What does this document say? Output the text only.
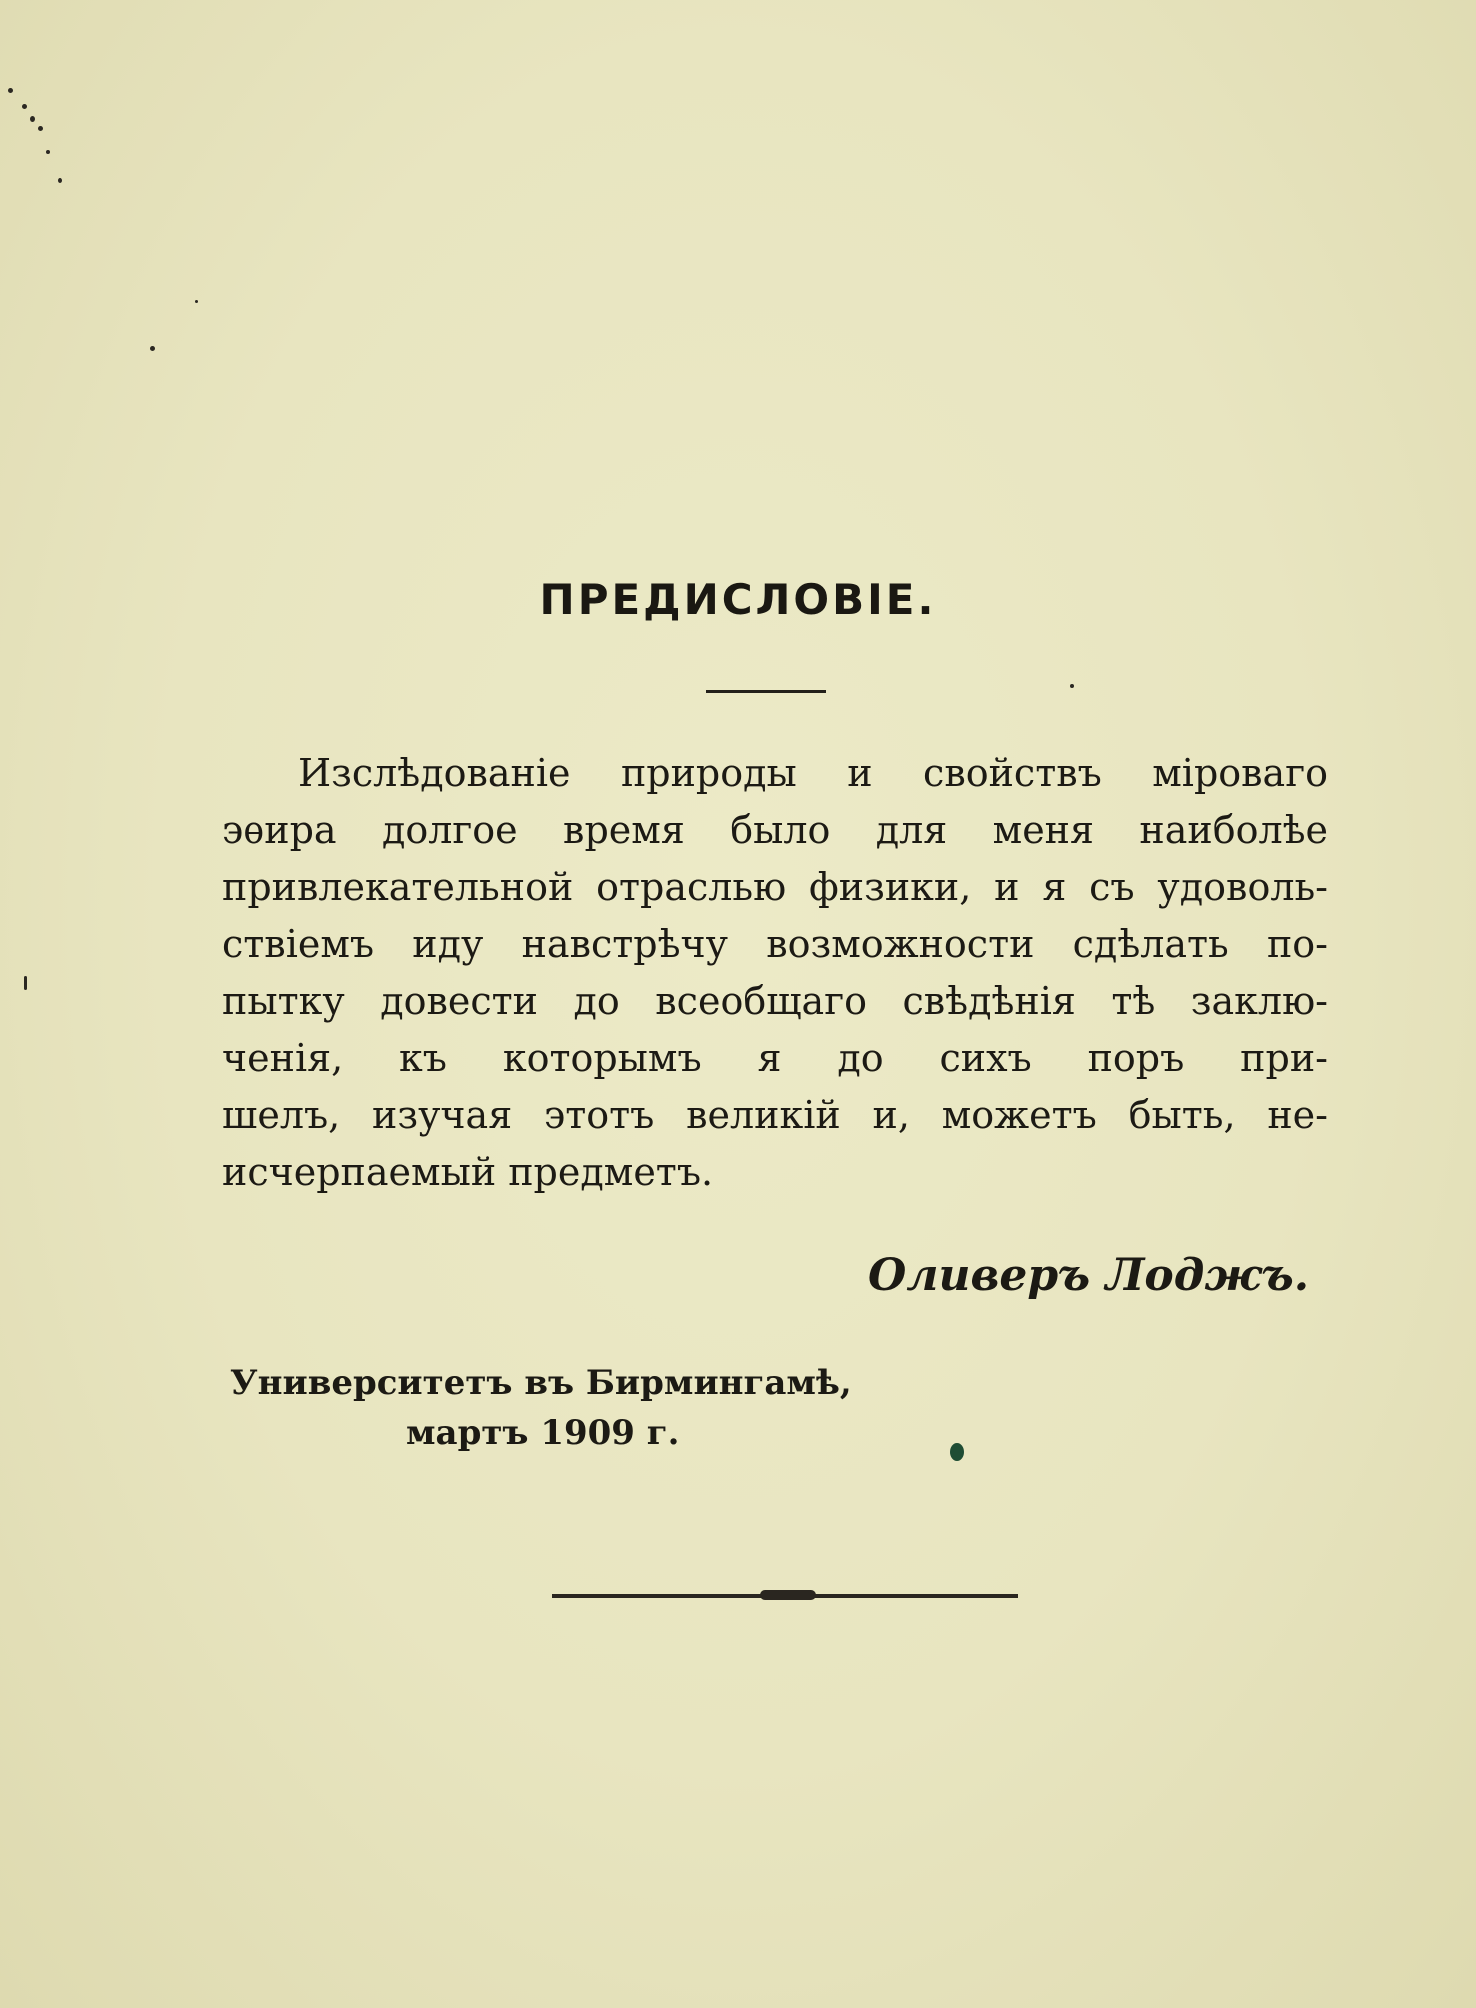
ПРЕДИСЛОВІЕ.
Изслѣдованіе природы и свойствъ міроваго
эѳира долгое время было для меня наиболѣе
привлекательной отраслью физики, и я съ удоволь-
ствіемъ иду навстрѣчу возможности сдѣлать по-
пытку довести до всеобщаго свѣдѣнія тѣ заклю-
ченія, къ которымъ я до сихъ поръ при-
шелъ, изучая этотъ великій и, можетъ быть, не-
исчерпаемый предметъ.
Оливеръ Лоджъ.
Университетъ въ Бирмингамѣ,
мартъ 1909 г.
